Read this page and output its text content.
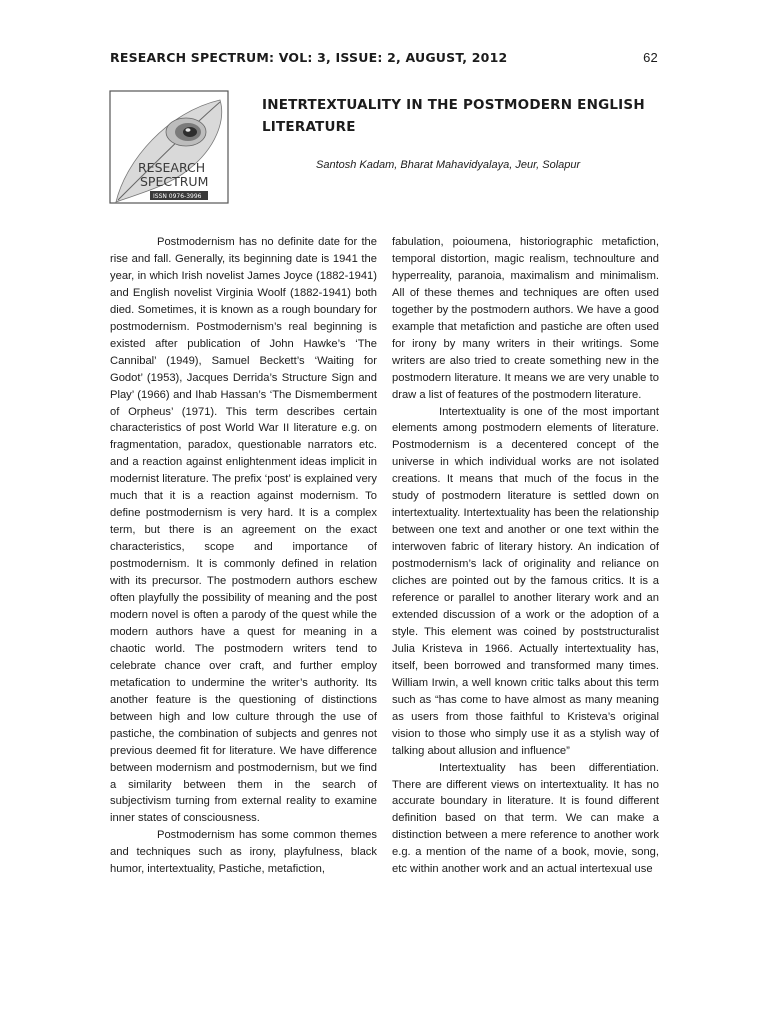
RESEARCH SPECTRUM: VOL: 3, ISSUE: 2, AUGUST, 2012	62
RESEARCH
SPECTRUM
ISSN 0976-3996
INETRTEXTUALITY IN THE POSTMODERN ENGLISH LITERATURE
Santosh Kadam, Bharat Mahavidyalaya, Jeur, Solapur

Postmodernism has no definite date for the rise and fall. Generally, its beginning date is 1941 the year, in which Irish novelist James Joyce (1882-1941) and English novelist Virginia Woolf (1882-1941) both died. Sometimes, it is known as a rough boundary for postmodernism. Postmodernism’s real beginning is existed after publication of John Hawke’s ‘The Cannibal’ (1949), Samuel Beckett’s ‘Waiting for Godot’ (1953), Jacques Derrida’s Structure Sign and Play’ (1966) and Ihab Hassan’s ‘The Dismemberment of Orpheus’ (1971). This term describes certain characteristics of post World War II literature e.g. on fragmentation, paradox, questionable narrators etc. and a reaction against enlightenment ideas implicit in modernist literature. The prefix ‘post’ is explained very much that it is a reaction against modernism. To define postmodernism is very hard. It is a complex term, but there is an agreement on the exact characteristics, scope and importance of postmodernism. It is commonly defined in relation with its precursor. The postmodern authors eschew often playfully the possibility of meaning and the post modern novel is often a parody of the quest while the modern authors have a quest for meaning in a chaotic world. The postmodern writers tend to celebrate chance over craft, and further employ metafication to undermine the writer’s authority. Its another feature is the questioning of distinctions between high and low culture through the use of pastiche, the combination of subjects and genres not previous deemed fit for literature. We have difference between modernism and postmodernism, but we find a similarity between them in the search of subjectivism turning from external reality to examine inner states of consciousness.

Postmodernism has some common themes and techniques such as irony, playfulness, black humor, intertextuality, Pastiche, metafiction,

fabulation, poioumena, historiographic metafiction, temporal distortion, magic realism, technoulture and hyperreality, paranoia, maximalism and minimalism. All of these themes and techniques are often used together by the postmodern authors. We have a good example that metafiction and pastiche are often used for irony by many writers in their writings. Some writers are also tried to create something new in the postmodern literature. It means we are very unable to draw a list of features of the postmodern literature.

Intertextuality is one of the most important elements among postmodern elements of literature. Postmodernism is a decentered concept of the universe in which individual works are not isolated creations. It means that much of the focus in the study of postmodern literature is settled down on intertextuality. Intertextuality has been the relationship between one text and another or one text within the interwoven fabric of literary history. An indication of postmodernism’s lack of originality and reliance on cliches are pointed out by the famous critics. It is a reference or parallel to another literary work and an extended discussion of a work or the adoption of a style. This element was coined by poststructuralist Julia Kristeva in 1966. Actually intertextuality has, itself, been borrowed and transformed many times. William Irwin, a well known critic talks about this term such as “has come to have almost as many meaning as users from those faithful to Kristeva’s original vision to those who simply use it as a stylish way of talking about allusion and influence”

Intertextuality has been differentiation. There are different views on intertextuality. It has no accurate boundary in literature. It is found different definition based on that term. We can make a distinction between a mere reference to another work e.g. a mention of the name of a book, movie, song, etc within another work and an actual intertexual use
